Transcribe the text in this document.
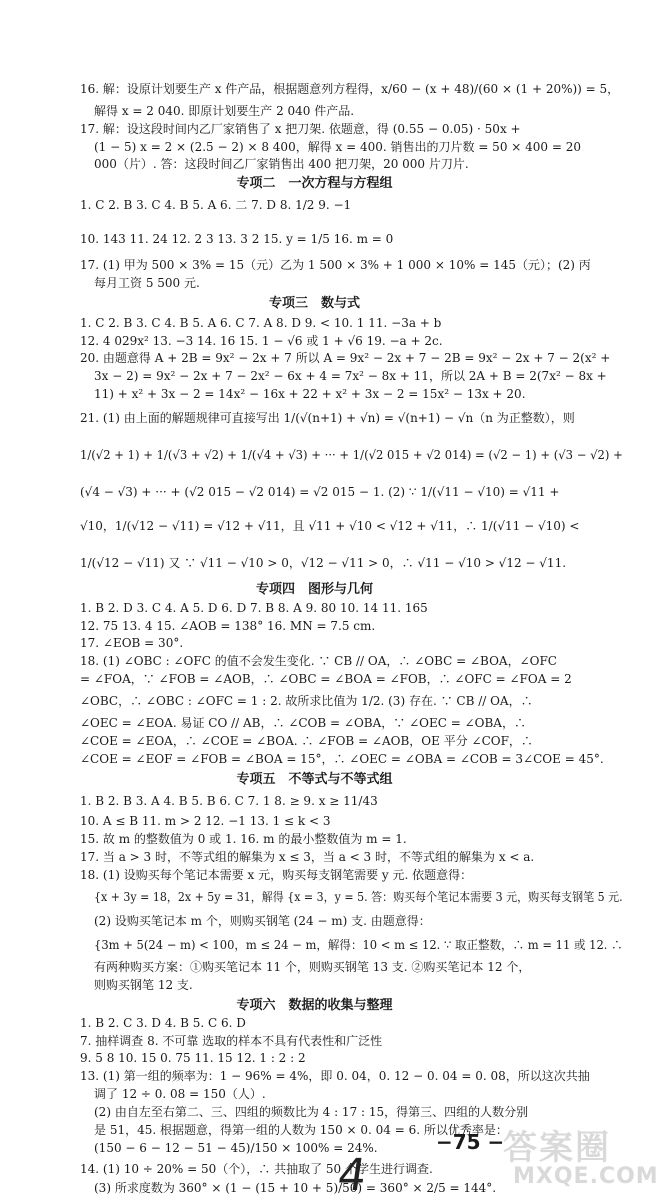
16. 解：设原计划要生产 x 件产品，根据题意列方程得，x/60 − (x + 48)/(60 × (1 + 20%)) = 5，
解得 x = 2 040. 即原计划要生产 2 040 件产品.
17. 解：设这段时间内乙厂家销售了 x 把刀架. 依题意，得 (0.55 − 0.05) · 50x +
(1 − 5) x = 2 × (2.5 − 2) × 8 400，解得 x = 400. 销售出的刀片数 = 50 × 400 = 20
000（片）. 答：这段时间乙厂家销售出 400 把刀架，20 000 片刀片.
专项二　一次方程与方程组
1. C 2. B 3. C 4. B 5. A 6. 二 7. D 8. 1/2 9. −1
10. 143 11. 24 12. 2 3 13. 3 2 15. y = 1/5 16. m = 0
17. (1) 甲为 500 × 3% = 15（元）乙为 1 500 × 3% + 1 000 × 10% = 145（元）；(2) 丙
每月工资 5 500 元.
专项三　数与式
1. C 2. B 3. C 4. B 5. A 6. C 7. A 8. D 9. < 10. 1 11. −3a + b
12. 4 029x² 13. −3 14. 16 15. 1 − √6 或 1 + √6 19. −a + 2c.
20. 由题意得 A + 2B = 9x² − 2x + 7 所以 A = 9x² − 2x + 7 − 2B = 9x² − 2x + 7 − 2(x² +
3x − 2) = 9x² − 2x + 7 − 2x² − 6x + 4 = 7x² − 8x + 11，所以 2A + B = 2(7x² − 8x +
11) + x² + 3x − 2 = 14x² − 16x + 22 + x² + 3x − 2 = 15x² − 13x + 20.
21. (1) 由上面的解题规律可直接写出 1/(√(n+1) + √n) = √(n+1) − √n（n 为正整数），则
1/(√2 + 1) + 1/(√3 + √2) + 1/(√4 + √3) + ··· + 1/(√2 015 + √2 014) = (√2 − 1) + (√3 − √2) +
(√4 − √3) + ··· + (√2 015 − √2 014) = √2 015 − 1. (2) ∵ 1/(√11 − √10) = √11 +
√10，1/(√12 − √11) = √12 + √11，且 √11 + √10 < √12 + √11，∴ 1/(√11 − √10) <
1/(√12 − √11) 又 ∵ √11 − √10 > 0，√12 − √11 > 0，∴ √11 − √10 > √12 − √11.
专项四　图形与几何
1. B 2. D 3. C 4. A 5. D 6. D 7. B 8. A 9. 80 10. 14 11. 165
12. 75 13. 4 15. ∠AOB = 138° 16. MN = 7.5 cm.
17. ∠EOB = 30°.
18. (1) ∠OBC : ∠OFC 的值不会发生变化. ∵ CB // OA，∴ ∠OBC = ∠BOA，∠OFC
= ∠FOA，∵ ∠FOB = ∠AOB，∴ ∠OBC = ∠BOA = ∠FOB，∴ ∠OFC = ∠FOA = 2
∠OBC，∴ ∠OBC : ∠OFC = 1 : 2. 故所求比值为 1/2. (3) 存在. ∵ CB // OA，∴
∠OEC = ∠EOA. 易证 CO // AB，∴ ∠COB = ∠OBA，∵ ∠OEC = ∠OBA，∴
∠COE = ∠EOA，∴ ∠COE = ∠BOA. ∴ ∠FOB = ∠AOB，OE 平分 ∠COF，∴
∠COE = ∠EOF = ∠FOB = ∠BOA = 15°，∴ ∠OEC = ∠OBA = ∠COB = 3∠COE = 45°.
专项五　不等式与不等式组
1. B 2. B 3. A 4. B 5. B 6. C 7. 1 8. ≥ 9. x ≥ 11/43
10. A ≤ B 11. m > 2 12. −1 13. 1 ≤ k < 3
15. 故 m 的整数值为 0 或 1. 16. m 的最小整数值为 m = 1.
17. 当 a > 3 时，不等式组的解集为 x ≤ 3，当 a < 3 时，不等式组的解集为 x < a.
18. (1) 设购买每个笔记本需要 x 元，购买每支钢笔需要 y 元. 依题意得：
{x + 3y = 18，2x + 5y = 31，解得 {x = 3，y = 5. 答：购买每个笔记本需要 3 元，购买每支钢笔 5 元.
(2) 设购买笔记本 m 个，则购买钢笔 (24 − m) 支. 由题意得：
{3m + 5(24 − m) < 100，m ≤ 24 − m，解得：10 < m ≤ 12. ∵ 取正整数，∴ m = 11 或 12. ∴
有两种购买方案：①购买笔记本 11 个，则购买钢笔 13 支. ②购买笔记本 12 个，
则购买钢笔 12 支.
专项六　数据的收集与整理
1. B 2. C 3. D 4. B 5. C 6. D
7. 抽样调查 8. 不可靠 选取的样本不具有代表性和广泛性
9. 5 8 10. 15 0. 75 11. 15 12. 1 : 2 : 2
13. (1) 第一组的频率为：1 − 96% = 4%，即 0. 04，0. 12 − 0. 04 = 0. 08，所以这次共抽
调了 12 ÷ 0. 08 = 150（人）.
(2) 由自左至右第二、三、四组的频数比为 4 : 17 : 15，得第三、四组的人数分别
是 51，45. 根据题意，得第一组的人数为 150 × 0. 04 = 6. 所以优秀率是：
(150 − 6 − 12 − 51 − 45)/150 × 100% = 24%.
14. (1) 10 ÷ 20% = 50（个），∴ 共抽取了 50 个学生进行调查.
(3) 所求度数为 360° × (1 − (15 + 10 + 5)/50) = 360° × 2/5 = 144°.
−75 −
4
答案圈
MXQE.COM
